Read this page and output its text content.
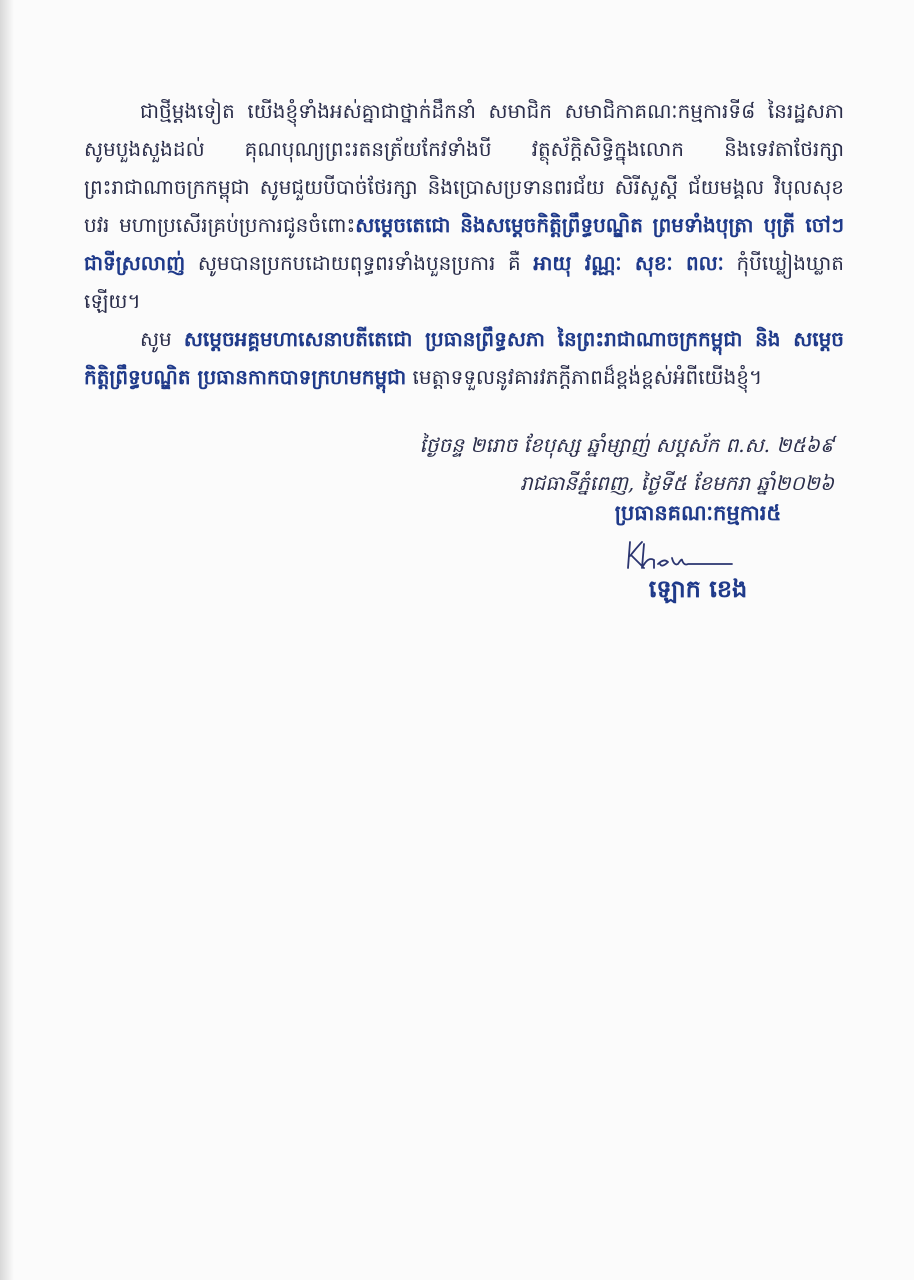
ជាថ្មីម្តងទៀត យើងខ្ញុំទាំងអស់គ្នាជាថ្នាក់ដឹកនាំ សមាជិក សមាជិកាគណៈកម្មការទី៨ នៃរដ្ឋសភា សូមបួងសួងដល់ គុណបុណ្យព្រះរតនត្រ័យកែវទាំងបី វត្ថុស័ក្តិសិទ្ធិក្នុងលោក និងទេវតាថែរក្សាព្រះរាជាណាចក្រកម្ពុជា សូមជួយបីបាច់ថែរក្សា និងប្រោសប្រទានពរជ័យ សិរីសួស្តី ជ័យមង្គល វិបុលសុខ បវរ មហាប្រសើរគ្រប់ប្រការជូនចំពោះសម្តេចតេជោ និងសម្តេចកិត្តិព្រឹទ្ធបណ្ឌិត ព្រមទាំងបុត្រា បុត្រី ចៅៗជាទីស្រលាញ់ សូមបានប្រកបដោយពុទ្ធពរទាំងបួនប្រការ គឺ អាយុ វណ្ណៈ សុខៈ ពលៈ កុំបីឃ្លៀងឃ្លាតឡើយ។

សូម សម្តេចអគ្គមហាសេនាបតីតេជោ ប្រធានព្រឹទ្ធសភា នៃព្រះរាជាណាចក្រកម្ពុជា និង សម្តេចកិត្តិព្រឹទ្ធបណ្ឌិត ប្រធានកាកបាទក្រហមកម្ពុជា មេត្តាទទួលនូវគារវភក្តីភាពដ៏ខ្ពង់ខ្ពស់អំពីយើងខ្ញុំ។

ថ្ងៃចន្ទ ២រោច ខែបុស្ស ឆ្នាំម្សាញ់ សប្តស័ក ព.ស. ២៥៦៩
រាជធានីភ្នំពេញ, ថ្ងៃទី៥ ខែមករា ឆ្នាំ២០២៦
ប្រធានគណៈកម្មការ៥
ឡោក ខេង
